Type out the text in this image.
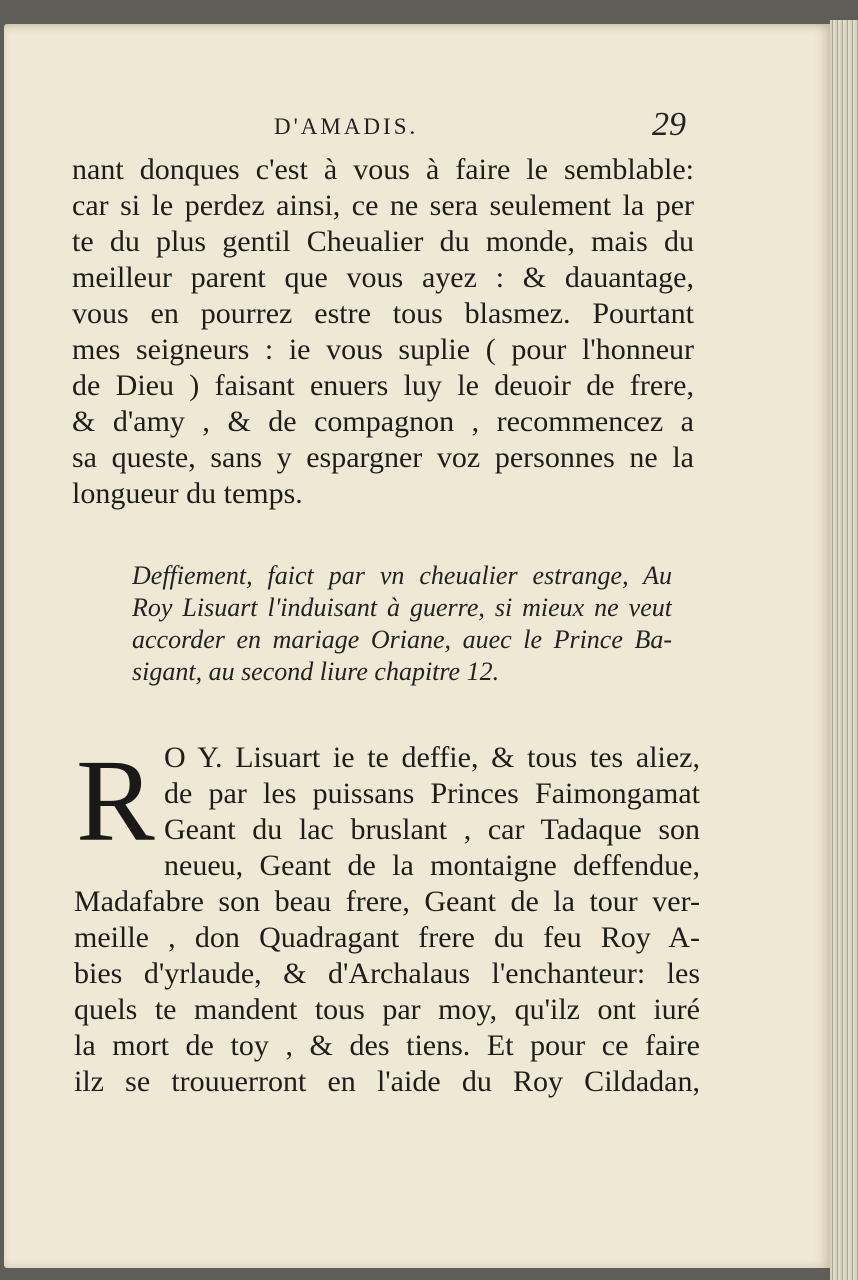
D'AMADIS.	29
nant donques c'est à vous à faire le semblable:
car si le perdez ainsi, ce ne sera seulement la per
te du plus gentil Cheualier du monde, mais du
meilleur parent que vous ayez : & dauantage,
vous en pourrez estre tous blasmez. Pourtant
mes seigneurs : ie vous suplie ( pour l'honneur
de Dieu ) faisant enuers luy le deuoir de frere,
& d'amy , & de compagnon , recommencez a
sa queste, sans y espargner voz personnes ne la
longueur du temps.
Deffiement, faict par vn cheualier estrange, Au
Roy Lisuart l'induisant à guerre, si mieux ne veut
accorder en mariage Oriane, auec le Prince Ba-
sigant, au second liure chapitre 12.
R O Y. Lisuart ie te deffie, & tous tes aliez,
de par les puissans Princes Faimongamat
Geant du lac bruslant , car Tadaque son
neueu, Geant de la montaigne deffendue,
Madafabre son beau frere, Geant de la tour ver-
meille , don Quadragant frere du feu Roy A-
bies d'yrlaude, & d'Archalaus l'enchanteur: les
quels te mandent tous par moy, qu'ilz ont iuré
la mort de toy , & des tiens. Et pour ce faire
ilz se trouuerront en l'aide du Roy Cildadan,
